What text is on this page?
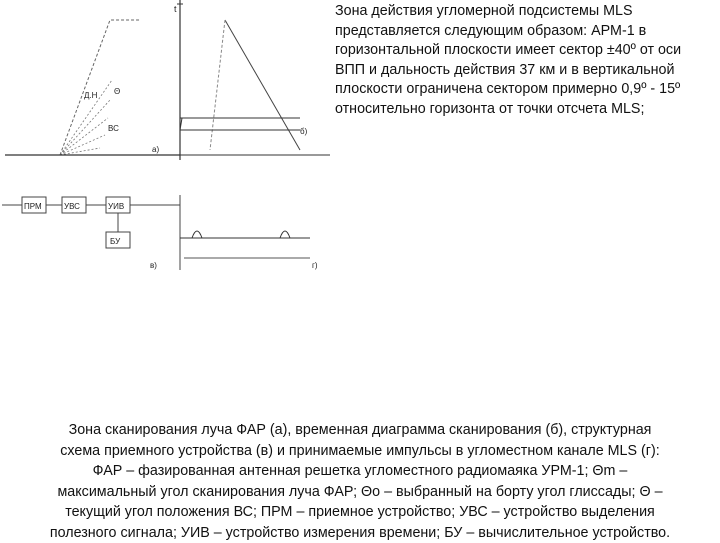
t
б)
а)
Д.Н
ВС
Θ
ПРМ	УВС	УИВ
БУ
в)	г)
Зона действия угломерной подсистемы MLS представляется следующим образом: АРМ-1 в горизонтальной плоскости имеет сектор ±40º от оси ВПП и дальность действия 37 км и в вертикальной плоскости ограничена сектором примерно 0,9º - 15º относительно горизонта от точки отсчета MLS;
Зона сканирования луча ФАР (а), временная диаграмма сканирования (б), структурная
схема приемного устройства (в) и принимаемые импульсы в угломестном канале MLS (г):
ФАР – фазированная антенная решетка угломестного радиомаяка УРМ-1; Θm –
максимальный угол сканирования луча ФАР; Θo – выбранный на борту угол глиссады; Θ –
текущий угол положения ВС; ПРМ – приемное устройство; УВС – устройство выделения
полезного сигнала; УИВ – устройство измерения времени; БУ – вычислительное устройство.
